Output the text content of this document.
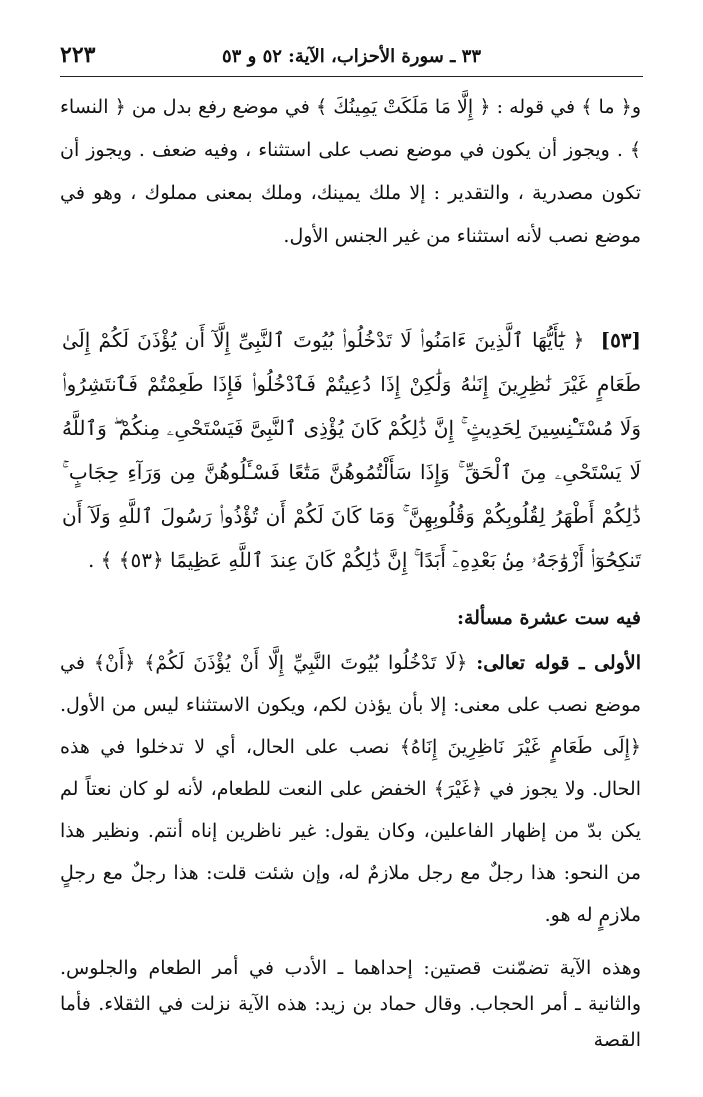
٢٢٣	٣٣ ـ سورة الأحزاب، الآية: ٥٢ و ٥٣
و﴿ ما ﴾ في قوله : ﴿ إِلَّا مَا مَلَكَتْ يَمِينُكَ ﴾ في موضع رفع بدل من ﴿ النساء ﴾ . ويجوز أن يكون في موضع نصب على استثناء ، وفيه ضعف . ويجوز أن تكون مصدرية ، والتقدير : إلا ملك يمينك، وملك بمعنى مملوك ، وهو في موضع نصب لأنه استثناء من غير الجنس الأول.
[٥٣] ﴿ يَٰٓأَيُّهَا ٱلَّذِينَ ءَامَنُوا۟ لَا تَدْخُلُوا۟ بُيُوتَ ٱلنَّبِىِّ إِلَّآ أَن يُؤْذَنَ لَكُمْ إِلَىٰ طَعَامٍ غَيْرَ نَٰظِرِينَ إِنَىٰهُ وَلَٰكِنْ إِذَا دُعِيتُمْ فَٱدْخُلُوا۟ فَإِذَا طَعِمْتُمْ فَٱنتَشِرُوا۟ وَلَا مُسْتَـْٔنِسِينَ لِحَدِيثٍ ۚ إِنَّ ذَٰلِكُمْ كَانَ يُؤْذِى ٱلنَّبِىَّ فَيَسْتَحْىِۦ مِنكُمْ ۖ وَٱللَّهُ لَا يَسْتَحْىِۦ مِنَ ٱلْحَقِّ ۚ وَإِذَا سَأَلْتُمُوهُنَّ مَتَٰعًا فَسْـَٔلُوهُنَّ مِن وَرَآءِ حِجَابٍ ۚ ذَٰلِكُمْ أَطْهَرُ لِقُلُوبِكُمْ وَقُلُوبِهِنَّ ۚ وَمَا كَانَ لَكُمْ أَن تُؤْذُوا۟ رَسُولَ ٱللَّهِ وَلَآ أَن تَنكِحُوٓا۟ أَزْوَٰجَهُۥ مِنۢ بَعْدِهِۦٓ أَبَدًا ۚ إِنَّ ذَٰلِكُمْ كَانَ عِندَ ٱللَّهِ عَظِيمًا ﴿٥٣﴾ ﴾ .
فيه ست عشرة مسألة:
الأولى ـ قوله تعالى: ﴿لَا تَدْخُلُوا بُيُوتَ النَّبِيِّ إِلَّا أَنْ يُؤْذَنَ لَكُمْ﴾ ﴿أَنْ﴾ في موضع نصب على معنى: إلا بأن يؤذن لكم، ويكون الاستثناء ليس من الأول. ﴿إِلَى طَعَامٍ غَيْرَ نَاظِرِينَ إِنَاهُ﴾ نصب على الحال، أي لا تدخلوا في هذه الحال. ولا يجوز في ﴿غَيْرَ﴾ الخفض على النعت للطعام، لأنه لو كان نعتاً لم يكن بدّ من إظهار الفاعلين، وكان يقول: غير ناظرين إناه أنتم. ونظير هذا من النحو: هذا رجلٌ مع رجل ملازمٌ له، وإن شئت قلت: هذا رجلٌ مع رجلٍ ملازمٍ له هو.
وهذه الآية تضمّنت قصتين: إحداهما ـ الأدب في أمر الطعام والجلوس. والثانية ـ أمر الحجاب. وقال حماد بن زيد: هذه الآية نزلت في الثقلاء. فأما القصة
